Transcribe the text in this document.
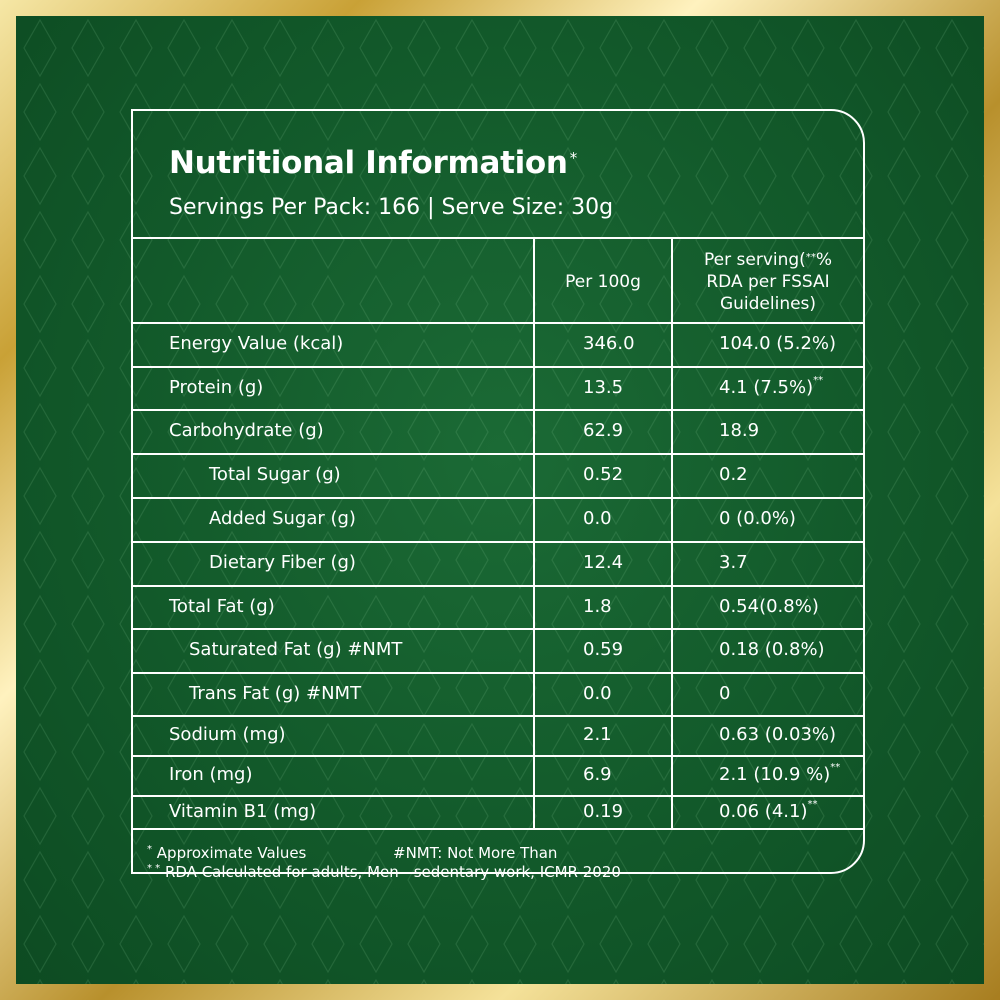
Nutritional Information *
Servings Per Pack: 166 | Serve Size: 30g
Per 100g
Per serving(**%
RDA per FSSAI
Guidelines)
Energy Value (kcal)	346.0	104.0 (5.2%)
Protein (g)	13.5	4.1 (7.5%)**
Carbohydrate (g)	62.9	18.9
Total Sugar (g)	0.52	0.2
Added Sugar (g)	0.0	0 (0.0%)
Dietary Fiber (g)	12.4	3.7
Total Fat (g)	1.8	0.54(0.8%)
Saturated Fat (g) #NMT	0.59	0.18 (0.8%)
Trans Fat (g) #NMT	0.0	0
Sodium (mg)	2.1	0.63 (0.03%)
Iron (mg)	6.9	2.1 (10.9 %)**
Vitamin B1 (mg)	0.19	0.06 (4.1)**
* Approximate Values	#NMT: Not More Than
* * RDA Calculated for adults, Men - sedentary work, ICMR 2020
